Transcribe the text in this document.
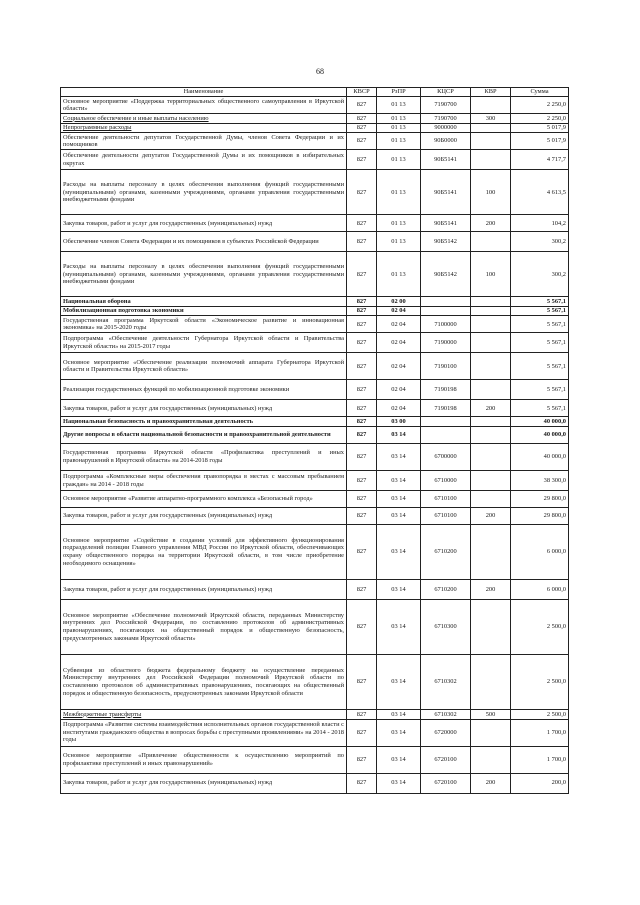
68
Наименование	КВСР	РзПР	КЦСР	КВР	Сумма
Основное мероприятие «Поддержка территориальных общественного самоуправления в Иркутской области»	827	01 13	7190700		2 250,0
Социальное обеспечение и иные выплаты населению	827	01 13	7190700	300	2 250,0
Непрограммные расходы	827	01 13	9000000		5 017,9
Обеспечение деятельности депутатов Государственной Думы, членов Совета Федерации и их помощников	827	01 13	90Б0000		5 017,9
Обеспечение деятельности депутатов Государственной Думы и их помощников в избирательных округах	827	01 13	90Б5141		4 717,7
Расходы на выплаты персоналу в целях обеспечения выполнения функций государственными (муниципальными) органами, казенными учреждениями, органами управления государственными внебюджетными фондами	827	01 13	90Б5141	100	4 613,5
Закупка товаров, работ и услуг для государственных (муниципальных) нужд	827	01 13	90Б5141	200	104,2
Обеспечение членов Совета Федерации и их помощников в субъектах Российской Федерации	827	01 13	90Б5142		300,2
Расходы на выплаты персоналу в целях обеспечения выполнения функций государственными (муниципальными) органами, казенными учреждениями, органами управления государственными внебюджетными фондами	827	01 13	90Б5142	100	300,2
Национальная оборона	827	02 00			5 567,1
Мобилизационная подготовка экономики	827	02 04			5 567,1
Государственная программа Иркутской области «Экономическое развитие и инновационная экономика» на 2015-2020 годы	827	02 04	7100000		5 567,1
Подпрограмма «Обеспечение деятельности Губернатора Иркутской области и Правительства Иркутской области» на 2015-2017 годы	827	02 04	7190000		5 567,1
Основное мероприятие «Обеспечение реализации полномочий аппарата Губернатора Иркутской области и Правительства Иркутской области»	827	02 04	7190100		5 567,1
Реализация государственных функций по мобилизационной подготовке экономики	827	02 04	7190198		5 567,1
Закупка товаров, работ и услуг для государственных (муниципальных) нужд	827	02 04	7190198	200	5 567,1
Национальная безопасность и правоохранительная деятельность	827	03 00			40 000,0
Другие вопросы в области национальной безопасности и правоохранительной деятельности	827	03 14			40 000,0
Государственная программа Иркутской области «Профилактика преступлений и иных правонарушений в Иркутской области» на 2014-2018 годы	827	03 14	6700000		40 000,0
Подпрограмма «Комплексные меры обеспечения правопорядка в местах с массовым пребыванием граждан» на 2014 - 2018 годы	827	03 14	6710000		38 300,0
Основное мероприятие «Развитие аппаратно-программного комплекса «Безопасный город»	827	03 14	6710100		29 800,0
Закупка товаров, работ и услуг для государственных (муниципальных) нужд	827	03 14	6710100	200	29 800,0
Основное мероприятие «Содействие в создании условий для эффективного функционирования подразделений полиции Главного управления МВД России по Иркутской области, обеспечивающих охрану общественного порядка на территории Иркутской области, в том числе приобретение необходимого оснащения»	827	03 14	6710200		6 000,0
Закупка товаров, работ и услуг для государственных (муниципальных) нужд	827	03 14	6710200	200	6 000,0
Основное мероприятие «Обеспечение полномочий Иркутской области, переданных Министерству внутренних дел Российской Федерации, по составлению протоколов об административных правонарушениях, посягающих на общественный порядок и общественную безопасность, предусмотренных законами Иркутской области»	827	03 14	6710300		2 500,0
Субвенция из областного бюджета федеральному бюджету на осуществление переданных Министерству внутренних дел Российской Федерации полномочий Иркутской области по составлению протоколов об административных правонарушениях, посягающих на общественный порядок и общественную безопасность, предусмотренных законами Иркутской области	827	03 14	6710302		2 500,0
Межбюджетные трансферты	827	03 14	6710302	500	2 500,0
Подпрограмма «Развитие системы взаимодействия исполнительных органов государственной власти с институтами гражданского общества в вопросах борьбы с преступными проявлениями» на 2014 - 2018 годы	827	03 14	6720000		1 700,0
Основное мероприятие «Привлечение общественности к осуществлению мероприятий по профилактике преступлений и иных правонарушений»	827	03 14	6720100		1 700,0
Закупка товаров, работ и услуг для государственных (муниципальных) нужд	827	03 14	6720100	200	200,0
